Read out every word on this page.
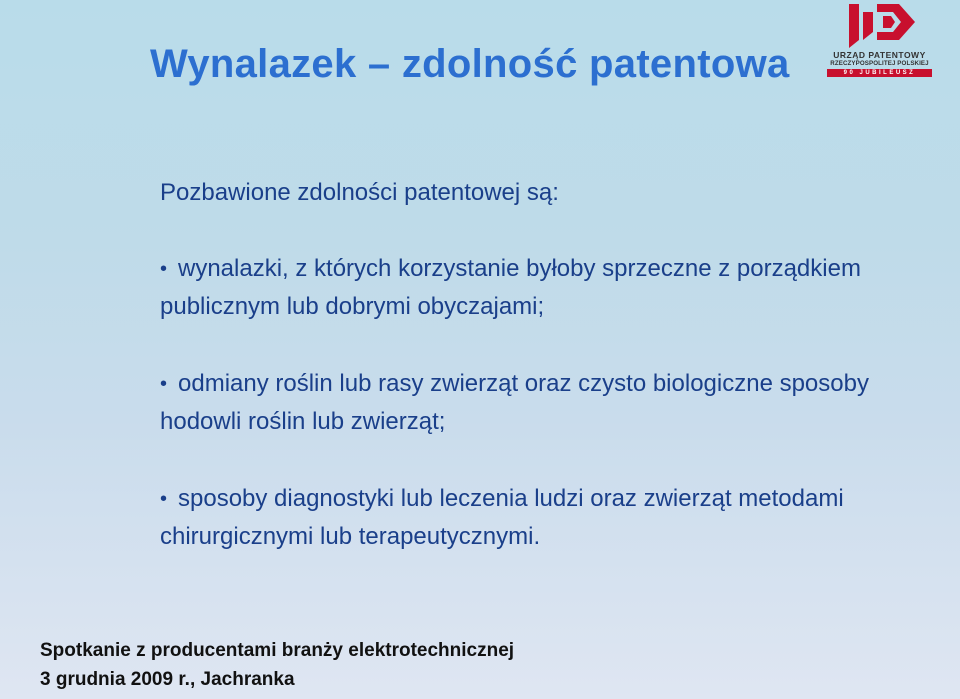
Wynalazek – zdolność patentowa	URZĄD PATENTOWY
RZECZYPOSPOLITEJ POLSKIEJ
90 JUBILEUSZ
Pozbawione zdolności patentowej są:
• wynalazki, z których korzystanie byłoby sprzeczne z porządkiem publicznym lub dobrymi obyczajami;
• odmiany roślin lub rasy zwierząt oraz czysto biologiczne sposoby hodowli roślin lub zwierząt;
• sposoby diagnostyki lub leczenia ludzi oraz zwierząt metodami chirurgicznymi lub terapeutycznymi.
Spotkanie z producentami branży elektrotechnicznej
3 grudnia 2009 r., Jachranka
